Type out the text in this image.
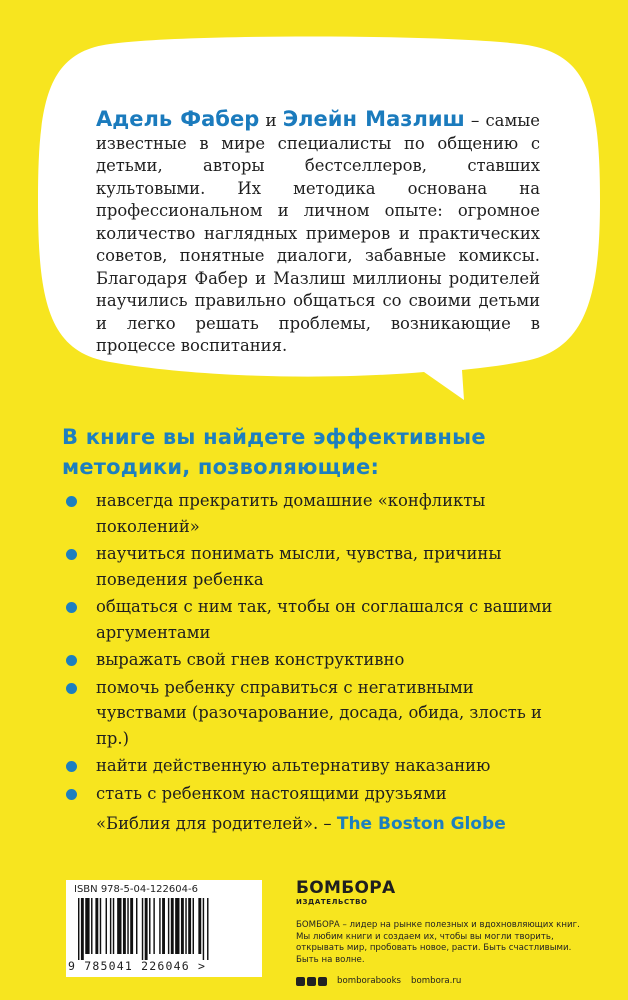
Адель Фабер и Элейн Мазлиш – самые известные в мире специалисты по общению с детьми, авторы бестселлеров, ставших культовыми. Их методика основана на профессиональном и личном опыте: огромное количество наглядных примеров и практических советов, понятные диалоги, забавные комиксы. Благодаря Фабер и Мазлиш миллионы родителей научились правильно общаться со своими детьми и легко решать проблемы, возникающие в процессе воспитания.
В книге вы найдете эффективные
методики, позволяющие:
навсегда прекратить домашние «конфликты поколений»
научиться понимать мысли, чувства, причины поведения ребенка
общаться с ним так, чтобы он соглашался с вашими аргументами
выражать свой гнев конструктивно
помочь ребенку справиться с негативными чувствами (разочарование, досада, обида, злость и пр.)
найти действенную альтернативу наказанию
стать с ребенком настоящими друзьями
«Библия для родителей». – The Boston Globe
ISBN 978-5-04-122604-6
9 785041 226046 >
БОМБОРА
ИЗДАТЕЛЬСТВО
БОМБОРА – лидер на рынке полезных и вдохновляющих книг. Мы любим книги и создаем их, чтобы вы могли творить, открывать мир, пробовать новое, расти. Быть счастливыми. Быть на волне.
bomborabooks bombora.ru
